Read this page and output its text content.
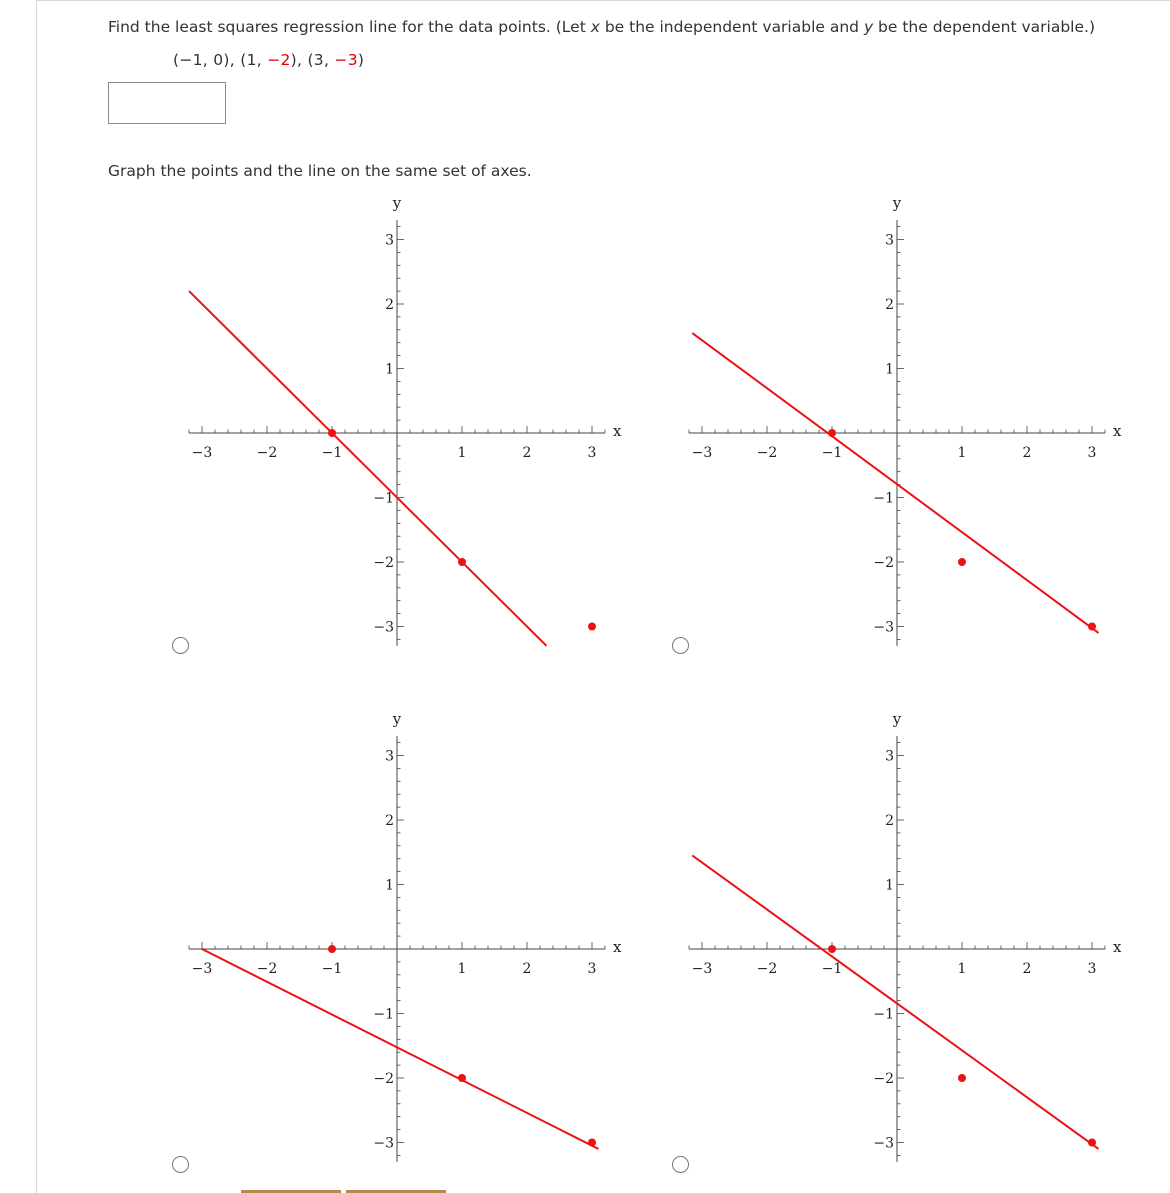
Find the least squares regression line for the data points. (Let x be the independent variable and y be the dependent variable.)
(−1, 0), (1, −2), (3, −3)
Graph the points and the line on the same set of axes.
−3	−2	−1	1	2	3
3
2
1
−1
−2
−3
x
y
−3	−2	−1	1	2	3
3
2
1
−1
−2
−3
x
y
−3	−2	−1	1	2	3
3
2
1
−1
−2
−3
x
y
−3	−2	−1	1	2	3
3
2
1
−1
−2
−3
x
y
